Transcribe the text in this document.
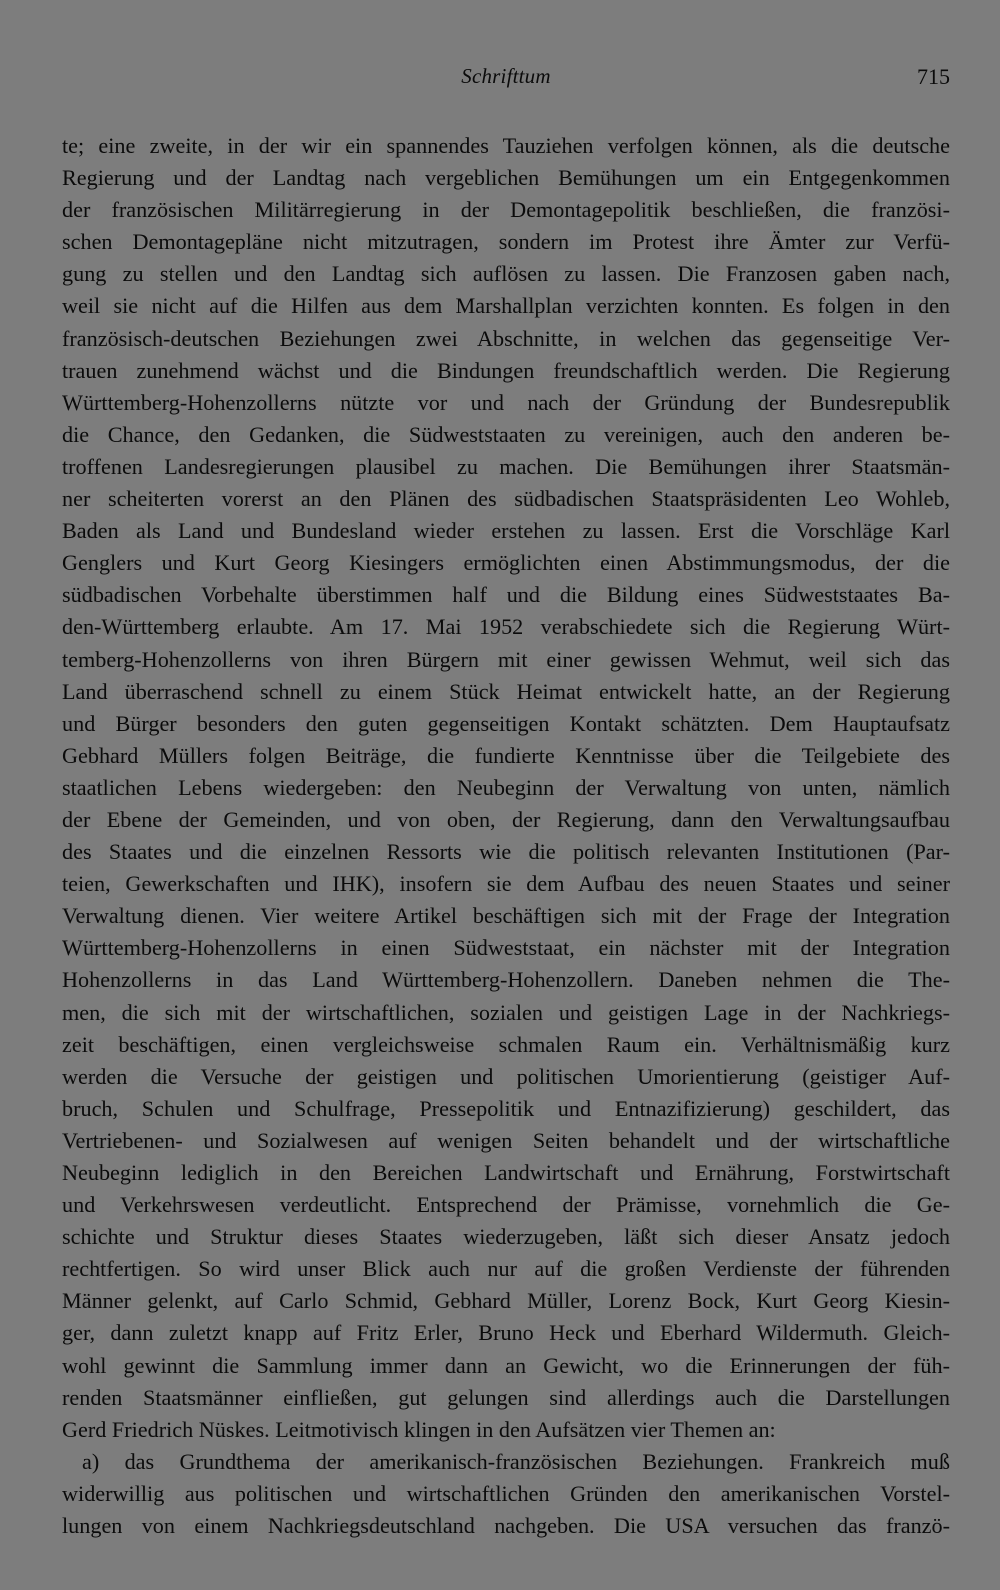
Schrifttum	715
te; eine zweite, in der wir ein spannendes Tauziehen verfolgen können, als die deutsche
Regierung und der Landtag nach vergeblichen Bemühungen um ein Entgegenkommen
der französischen Militärregierung in der Demontagepolitik beschließen, die französi-
schen Demontagepläne nicht mitzutragen, sondern im Protest ihre Ämter zur Verfü-
gung zu stellen und den Landtag sich auflösen zu lassen. Die Franzosen gaben nach,
weil sie nicht auf die Hilfen aus dem Marshallplan verzichten konnten. Es folgen in den
französisch-deutschen Beziehungen zwei Abschnitte, in welchen das gegenseitige Ver-
trauen zunehmend wächst und die Bindungen freundschaftlich werden. Die Regierung
Württemberg-Hohenzollerns nützte vor und nach der Gründung der Bundesrepublik
die Chance, den Gedanken, die Südweststaaten zu vereinigen, auch den anderen be-
troffenen Landesregierungen plausibel zu machen. Die Bemühungen ihrer Staatsmän-
ner scheiterten vorerst an den Plänen des südbadischen Staatspräsidenten Leo Wohleb,
Baden als Land und Bundesland wieder erstehen zu lassen. Erst die Vorschläge Karl
Genglers und Kurt Georg Kiesingers ermöglichten einen Abstimmungsmodus, der die
südbadischen Vorbehalte überstimmen half und die Bildung eines Südweststaates Ba-
den-Württemberg erlaubte. Am 17. Mai 1952 verabschiedete sich die Regierung Würt-
temberg-Hohenzollerns von ihren Bürgern mit einer gewissen Wehmut, weil sich das
Land überraschend schnell zu einem Stück Heimat entwickelt hatte, an der Regierung
und Bürger besonders den guten gegenseitigen Kontakt schätzten. Dem Hauptaufsatz
Gebhard Müllers folgen Beiträge, die fundierte Kenntnisse über die Teilgebiete des
staatlichen Lebens wiedergeben: den Neubeginn der Verwaltung von unten, nämlich
der Ebene der Gemeinden, und von oben, der Regierung, dann den Verwaltungsaufbau
des Staates und die einzelnen Ressorts wie die politisch relevanten Institutionen (Par-
teien, Gewerkschaften und IHK), insofern sie dem Aufbau des neuen Staates und seiner
Verwaltung dienen. Vier weitere Artikel beschäftigen sich mit der Frage der Integration
Württemberg-Hohenzollerns in einen Südweststaat, ein nächster mit der Integration
Hohenzollerns in das Land Württemberg-Hohenzollern. Daneben nehmen die The-
men, die sich mit der wirtschaftlichen, sozialen und geistigen Lage in der Nachkriegs-
zeit beschäftigen, einen vergleichsweise schmalen Raum ein. Verhältnismäßig kurz
werden die Versuche der geistigen und politischen Umorientierung (geistiger Auf-
bruch, Schulen und Schulfrage, Pressepolitik und Entnazifizierung) geschildert, das
Vertriebenen- und Sozialwesen auf wenigen Seiten behandelt und der wirtschaftliche
Neubeginn lediglich in den Bereichen Landwirtschaft und Ernährung, Forstwirtschaft
und Verkehrswesen verdeutlicht. Entsprechend der Prämisse, vornehmlich die Ge-
schichte und Struktur dieses Staates wiederzugeben, läßt sich dieser Ansatz jedoch
rechtfertigen. So wird unser Blick auch nur auf die großen Verdienste der führenden
Männer gelenkt, auf Carlo Schmid, Gebhard Müller, Lorenz Bock, Kurt Georg Kiesin-
ger, dann zuletzt knapp auf Fritz Erler, Bruno Heck und Eberhard Wildermuth. Gleich-
wohl gewinnt die Sammlung immer dann an Gewicht, wo die Erinnerungen der füh-
renden Staatsmänner einfließen, gut gelungen sind allerdings auch die Darstellungen
Gerd Friedrich Nüskes. Leitmotivisch klingen in den Aufsätzen vier Themen an:
a) das Grundthema der amerikanisch-französischen Beziehungen. Frankreich muß
widerwillig aus politischen und wirtschaftlichen Gründen den amerikanischen Vorstel-
lungen von einem Nachkriegsdeutschland nachgeben. Die USA versuchen das franzö-
